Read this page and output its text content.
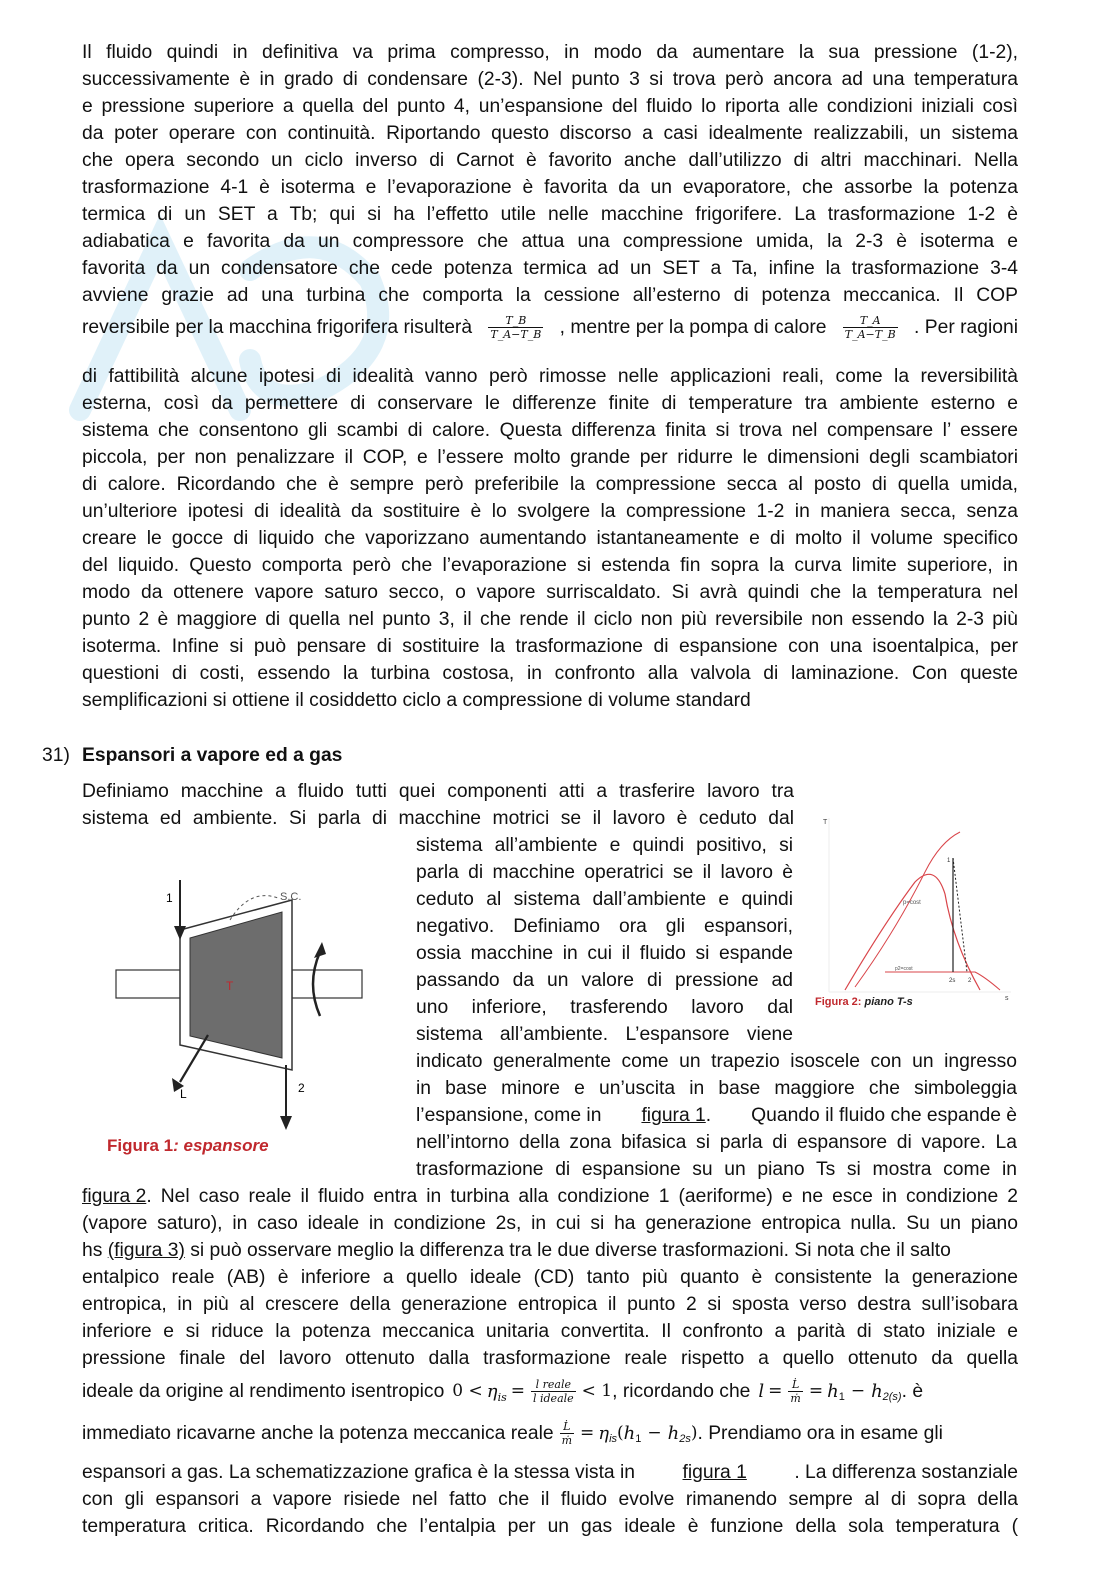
Il fluido quindi in definitiva va prima compresso, in modo da aumentare la sua pressione (1-2),
successivamente è in grado di condensare (2-3). Nel punto 3 si trova però ancora ad una temperatura
e pressione superiore a quella del punto 4, un’espansione del fluido lo riporta alle condizioni iniziali così
da poter operare con continuità. Riportando questo discorso a casi idealmente realizzabili, un sistema
che opera secondo un ciclo inverso di Carnot è favorito anche dall’utilizzo di altri macchinari. Nella
trasformazione 4-1 è isoterma e l’evaporazione è favorita da un evaporatore, che assorbe la potenza
termica di un SET a Tb; qui si ha l’effetto utile nelle macchine frigorifere. La trasformazione 1-2 è
adiabatica e favorita da un compressore che attua una compressione umida, la 2-3 è isoterma e
favorita da un condensatore che cede potenza termica ad un SET a Ta, infine la trasformazione 3-4
avviene grazie ad una turbina che comporta la cessione all’esterno di potenza meccanica. Il COP
reversibile per la macchina frigorifera risulterà $\frac{T\_B}{T\_A-T\_B}$ , mentre per la pompa di calore $\frac{T\_A}{T\_A-T\_B}$ . Per ragioni
di fattibilità alcune ipotesi di idealità vanno però rimosse nelle applicazioni reali, come la reversibilità
esterna, così da permettere di conservare le differenze finite di temperature tra ambiente esterno e
sistema che consentono gli scambi di calore. Questa differenza finita si trova nel compensare l’ essere
piccola, per non penalizzare il COP, e l’essere molto grande per ridurre le dimensioni degli scambiatori
di calore. Ricordando che è sempre però preferibile la compressione secca al posto di quella umida,
un’ulteriore ipotesi di idealità da sostituire è lo svolgere la compressione 1-2 in maniera secca, senza
creare le gocce di liquido che vaporizzano aumentando istantaneamente e di molto il volume specifico
del liquido. Questo comporta però che l’evaporazione si estenda fin sopra la curva limite superiore, in
modo da ottenere vapore saturo secco, o vapore surriscaldato. Si avrà quindi che la temperatura nel
punto 2 è maggiore di quella nel punto 3, il che rende il ciclo non più reversibile non essendo la 2-3 più
isoterma. Infine si può pensare di sostituire la trasformazione di espansione con una isoentalpica, per
questioni di costi, essendo la turbina costosa, in confronto alla valvola di laminazione. Con queste
semplificazioni si ottiene il cosiddetto ciclo a compressione di volume standard
31) Espansori a vapore ed a gas
Definiamo macchine a fluido tutti quei componenti atti a trasferire lavoro tra
sistema ed ambiente. Si parla di macchine motrici se il lavoro è ceduto dal
sistema all’ambiente e quindi positivo, si
parla di macchine operatrici se il lavoro è
ceduto al sistema dall’ambiente e quindi
negativo. Definiamo ora gli espansori,
ossia macchine in cui il fluido si espande
passando da un valore di pressione ad
uno inferiore, trasferendo lavoro dal
sistema all’ambiente. L’espansore viene
indicato generalmente come un trapezio isoscele con un ingresso
in base minore e un’uscita in base maggiore che simboleggia
l’espansione, come in figura 1. Quando il fluido che espande è
nell’intorno della zona bifasica si parla di espansore di vapore. La
trasformazione di espansione su un piano Ts si mostra come in
figura 2 . Nel caso reale il fluido entra in turbina alla condizione 1 (aeriforme) e ne esce in condizione 2
(vapore saturo), in caso ideale in condizione 2s, in cui si ha generazione entropica nulla. Su un piano
hs (figura 3) si può osservare meglio la differenza tra le due diverse trasformazioni. Si nota che il salto
entalpico reale (AB) è inferiore a quello ideale (CD) tanto più quanto è consistente la generazione
entropica, in più al crescere della generazione entropica il punto 2 si sposta verso destra sull’isobara
inferiore e si riduce la potenza meccanica unitaria convertita. Il confronto a parità di stato iniziale e
pressione finale del lavoro ottenuto dalla trasformazione reale rispetto a quello ottenuto da quella
ideale da origine al rendimento isentropico 0 < η is = $\frac{\text{l reale}}{\text{l ideale}} < 1$ , ricordando che $l = \frac{L̇}{\text{ṁ}} = h$ 1 − h 2(s) . è
immediato ricavarne anche la potenza meccanica reale $\frac{L̇}{\text{ṁ}} = \eta$ is ( h 1 − h 2s ) . Prendiamo ora in esame gli
espansori a gas. La schematizzazione grafica è la stessa vista in figura 1 . La differenza sostanziale
con gli espansori a vapore risiede nel fatto che il fluido evolve rimanendo sempre al di sopra della
temperatura critica. Ricordando che l’entalpia per un gas ideale è funzione della sola temperatura (
T
1	S.C.
L	2
Figura 1: espansore
T
s
1
2s 2
p=cost
p2=cost
Figura 2: piano T-s
